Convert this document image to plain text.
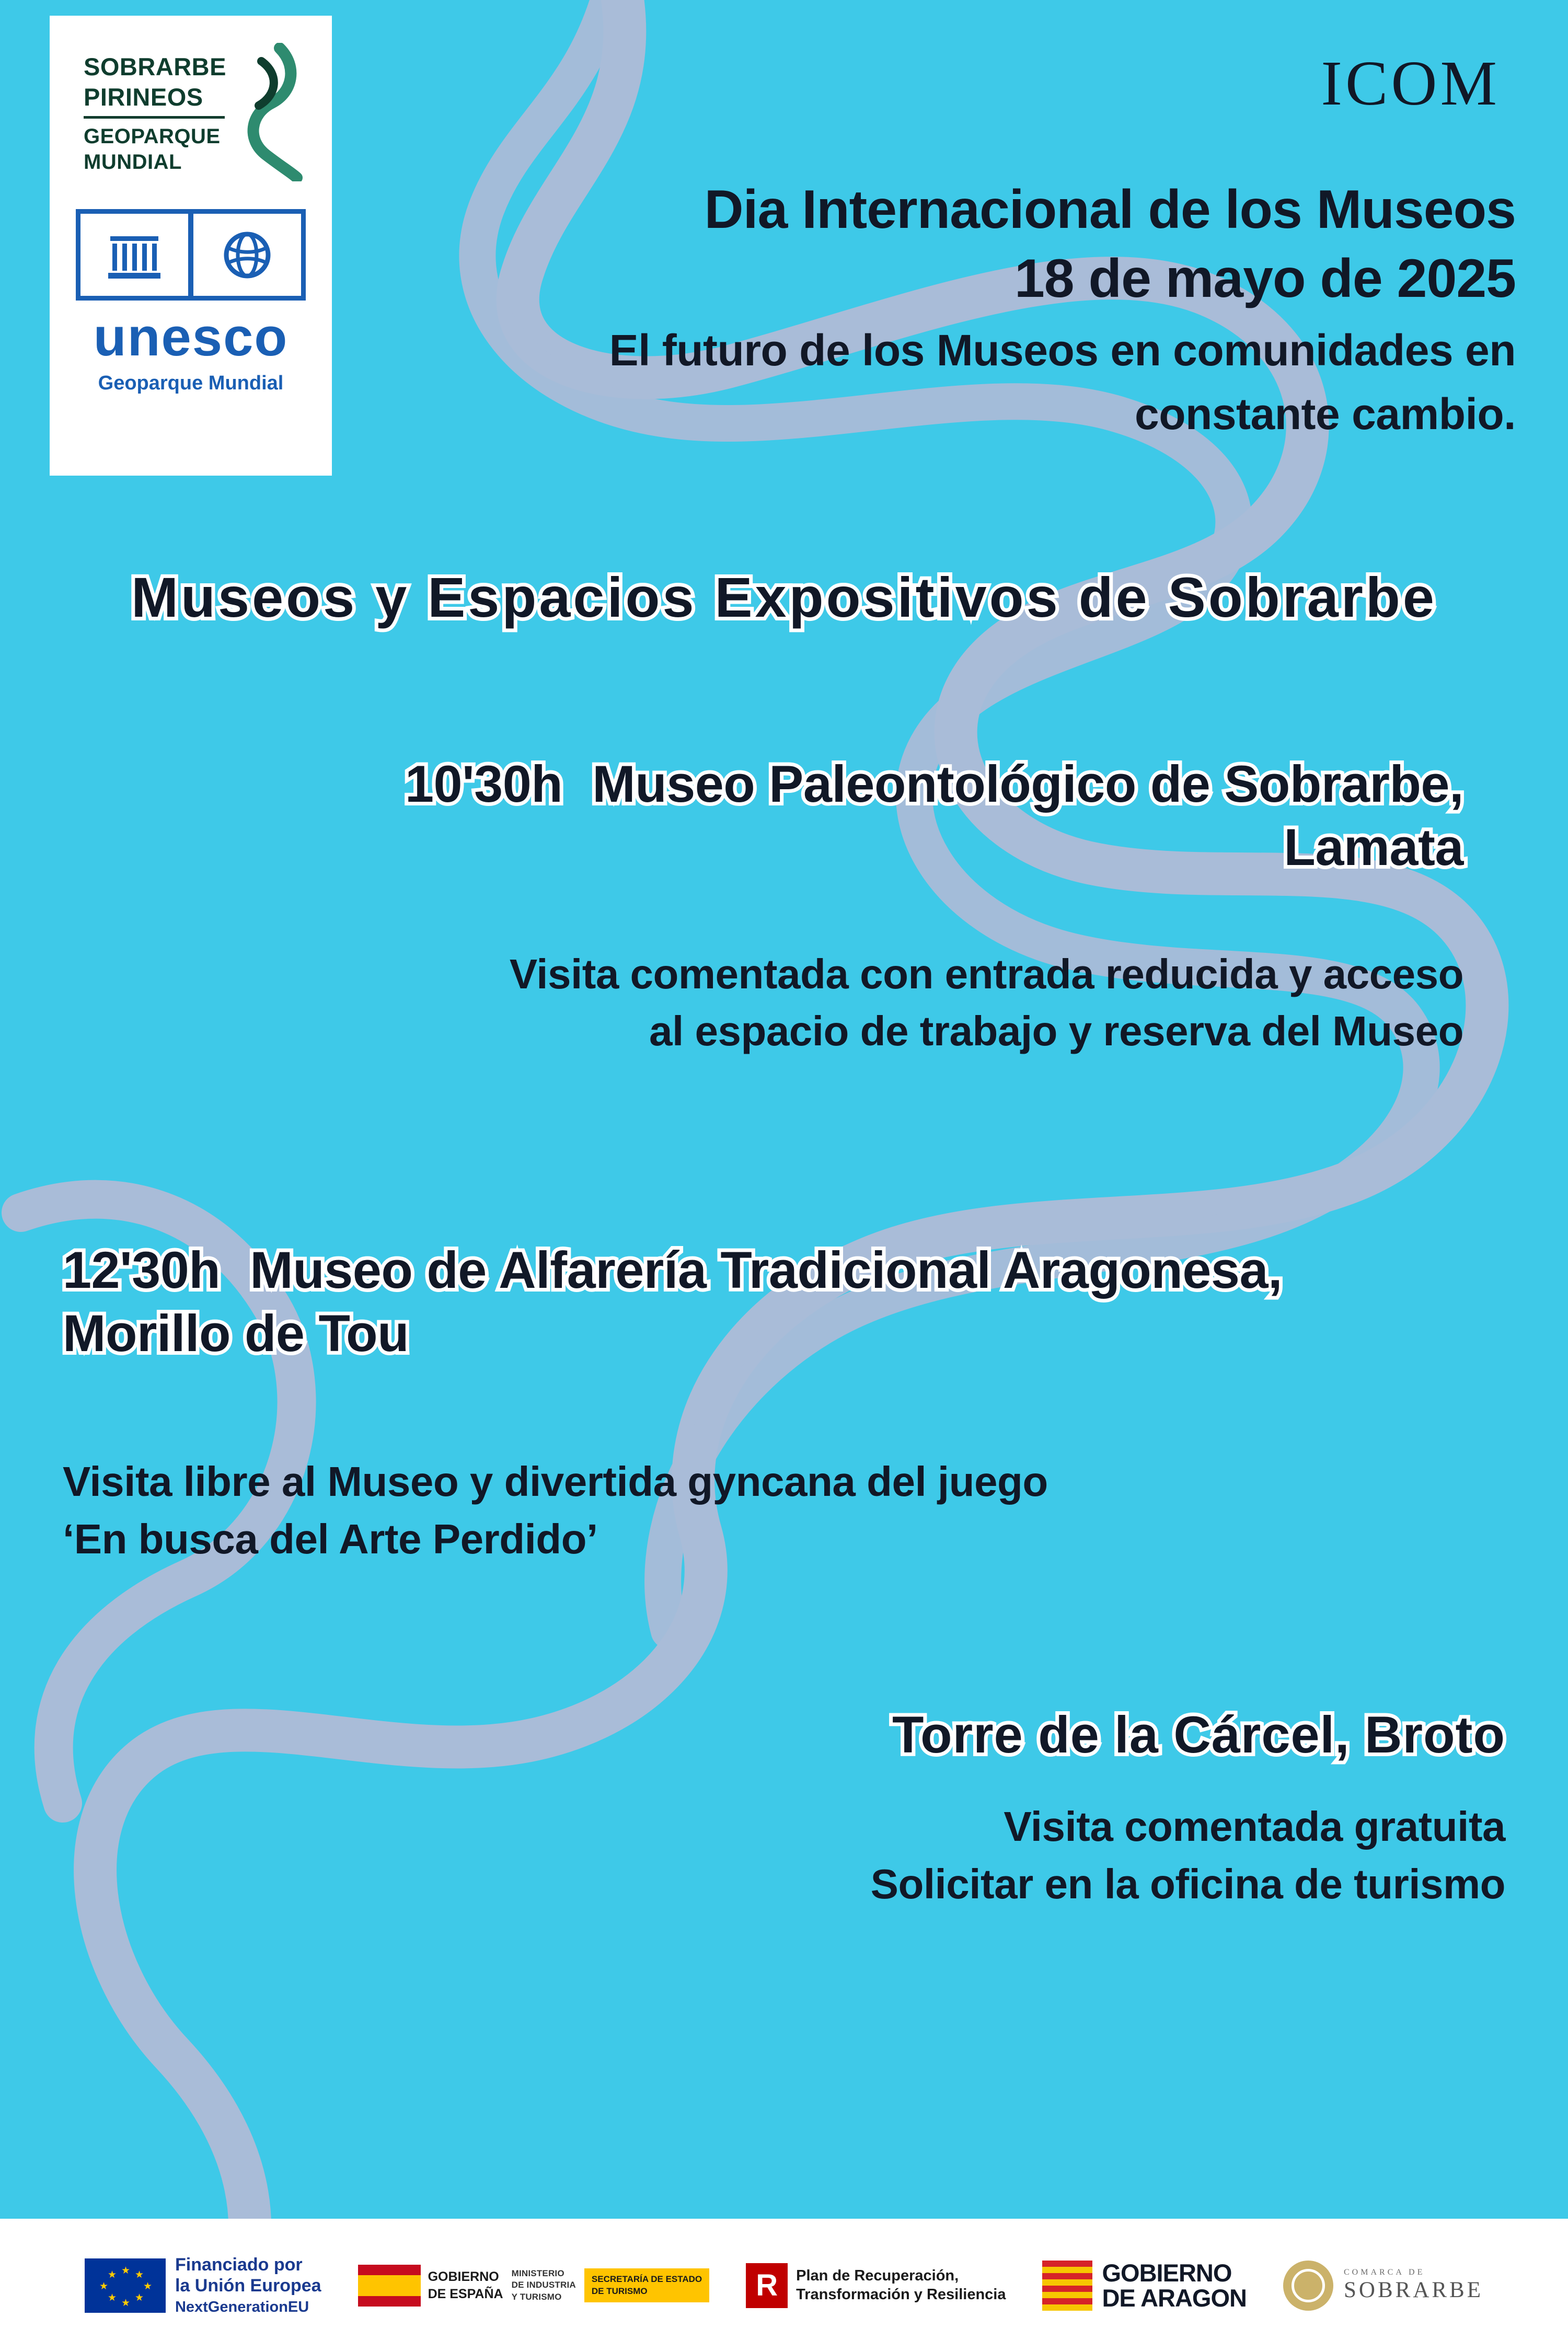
SOBRARBE
PIRINEOS
GEOPARQUE
MUNDIAL
unesco
Geoparque Mundial
ICOM
Dia Internacional de los Museos
18 de mayo de 2025
El futuro de los Museos en comunidades en
constante cambio.
Museos y Espacios Expositivos de Sobrarbe
10'30h Museo Paleontológico de Sobrarbe,
Lamata
Visita comentada con entrada reducida y acceso
al espacio de trabajo y reserva del Museo
12'30h Museo de Alfarería Tradicional Aragonesa,
Morillo de Tou
Visita libre al Museo y divertida gyncana del juego
‘En busca del Arte Perdido’
Torre de la Cárcel, Broto
Visita comentada gratuita
Solicitar en la oficina de turismo
★ ★
★
★
★
★
★
★	Financiado por
la Unión Europea
NextGenerationEU
GOBIERNO
DE ESPAÑA
MINISTERIO
DE INDUSTRIA
Y TURISMO
SECRETARÍA DE ESTADO
DE TURISMO	R	Plan de Recuperación,
Transformación y Resiliencia
GOBIERNO
DE ARAGON
COMARCA DE
SOBRARBE
